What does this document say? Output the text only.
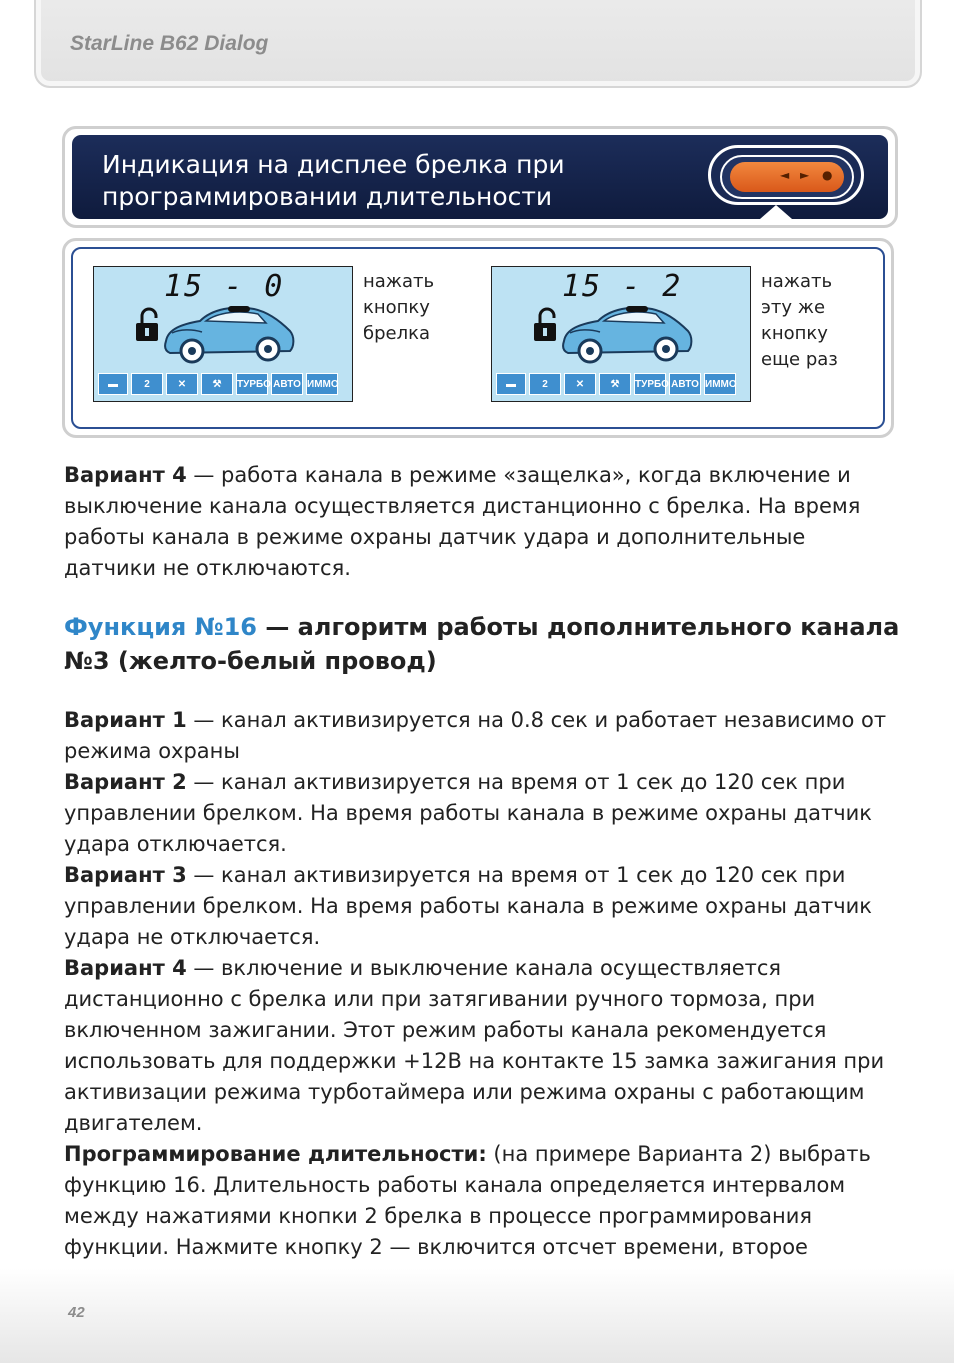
StarLine B62 Dialog
Индикация на дисплее брелка при
программировании длительности
◄ ► ●
15 - 0
▬	2	✕	⚒	ТУРБО АВТО ИММО
нажать
кнопку
брелка
15 - 2
▬	2	✕	⚒	ТУРБО АВТО ИММО
нажать
эту же
кнопку
еще раз

Вариант 4 — работа канала в режиме «защелка», когда включение и выключение канала осуществляется дистанционно с брелка. На время работы канала в режиме охраны датчик удара и дополнительные датчики не отключаются.

Функция №16 — алгоритм работы дополнительного канала №3 (желто-белый провод)

Вариант 1 — канал активизируется на 0.8 сек и работает независимо от режима охраны

Вариант 2 — канал активизируется на время от 1 сек до 120 сек при управлении брелком. На время работы канала в режиме охраны датчик удара отключается.

Вариант 3 — канал активизируется на время от 1 сек до 120 сек при управлении брелком. На время работы канала в режиме охраны датчик удара не отключается.

Вариант 4 — включение и выключение канала осуществляется дистанционно с брелка или при затягивании ручного тормоза, при включенном зажигании. Этот режим работы канала рекомендуется использовать для поддержки +12В на контакте 15 замка зажигания при активизации режима турботаймера или режима охраны с работающим двигателем.

Программирование длительности: (на примере Варианта 2) выбрать функцию 16. Длительность работы канала определяется интервалом между нажатиями кнопки 2 брелка в процессе программирования функции. Нажмите кнопку 2 — включится отсчет времени, второе

42
